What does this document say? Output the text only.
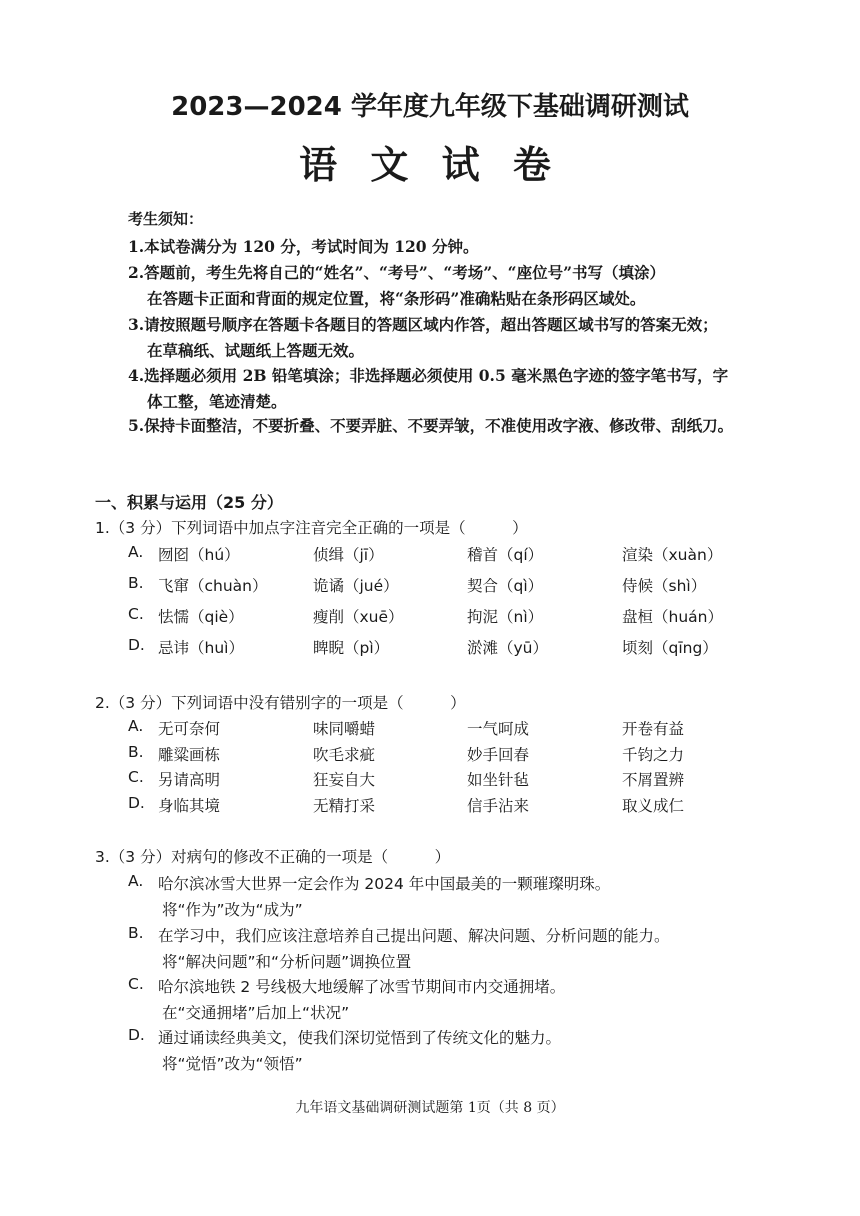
2023—2024 学年度九年级下基础调研测试
语 文 试 卷
考生须知：
1.本试卷满分为 120 分，考试时间为 120 分钟。
2.答题前，考生先将自己的“姓名”、“考号”、“考场”、“座位号”书写（填涂）
在答题卡正面和背面的规定位置，将“条形码”准确粘贴在条形码区域处。
3.请按照题号顺序在答题卡各题目的答题区域内作答，超出答题区域书写的答案无效；
在草稿纸、试题纸上答题无效。
4.选择题必须用 2B 铅笔填涂；非选择题必须使用 0.5 毫米黑色字迹的签字笔书写，字
体工整，笔迹清楚。
5.保持卡面整洁，不要折叠、不要弄脏、不要弄皱，不准使用改字液、修改带、刮纸刀。
一、积累与运用（25 分）
1.（3 分）下列词语中加点字注音完全正确的一项是（　　　）
A. 囫囵（hú）	侦缉（jī）	稽首（qí）	渲染（xuàn）
B. 飞窜（chuàn）	诡谲（jué）	契合（qì）	侍候（shì）
C. 怯懦（qiè）	瘦削（xuē）	拘泥（nì）	盘桓（huán）
D. 忌讳（huì）	睥睨（pì）	淤滩（yū）	顷刻（qīng）
2.（3 分）下列词语中没有错别字的一项是（　　　）
A. 无可奈何	味同嚼蜡	一气呵成	开卷有益
B. 雕粱画栋	吹毛求疵	妙手回春	千钧之力
C. 另请高明	狂妄自大	如坐针毡	不屑置辨
D. 身临其境	无精打采	信手沾来	取义成仁
3.（3 分）对病句的修改不正确的一项是（　　　）
A. 哈尔滨冰雪大世界一定会作为 2024 年中国最美的一颗璀璨明珠。
将“作为”改为“成为”
B. 在学习中，我们应该注意培养自己提出问题、解决问题、分析问题的能力。
将“解决问题”和“分析问题”调换位置
C. 哈尔滨地铁 2 号线极大地缓解了冰雪节期间市内交通拥堵。
在“交通拥堵”后加上“状况”
D. 通过诵读经典美文，使我们深切觉悟到了传统文化的魅力。
将“觉悟”改为“领悟”
九年语文基础调研测试题第 1页（共 8 页）
